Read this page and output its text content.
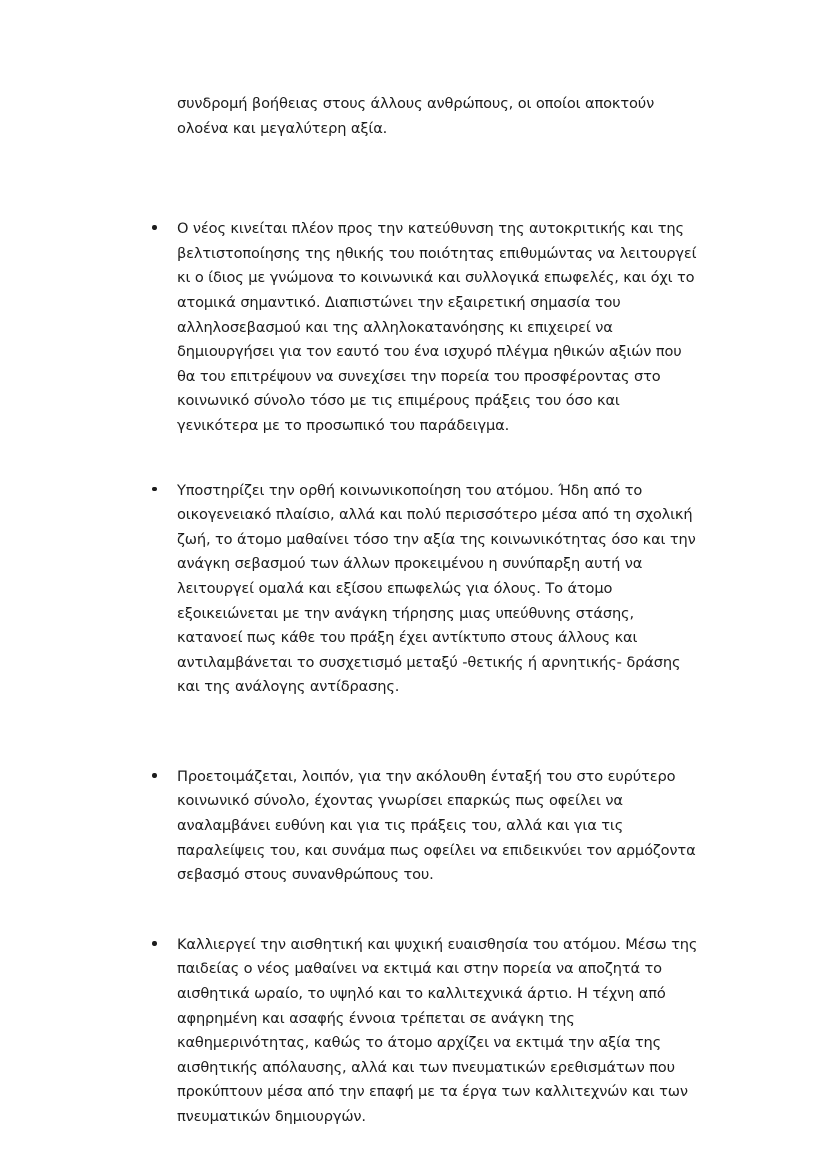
συνδρομή βοήθειας στους άλλους ανθρώπους, οι οποίοι αποκτούν ολοένα και μεγαλύτερη αξία.

Ο νέος κινείται πλέον προς την κατεύθυνση της αυτοκριτικής και της βελτιστοποίησης της ηθικής του ποιότητας επιθυμώντας να λειτουργεί κι ο ίδιος με γνώμονα το κοινωνικά και συλλογικά επωφελές, και όχι το ατομικά σημαντικό. Διαπιστώνει την εξαιρετική σημασία του αλληλοσεβασμού και της αλληλοκατανόησης κι επιχειρεί να δημιουργήσει για τον εαυτό του ένα ισχυρό πλέγμα ηθικών αξιών που θα του επιτρέψουν να συνεχίσει την πορεία του προσφέροντας στο κοινωνικό σύνολο τόσο με τις επιμέρους πράξεις του όσο και γενικότερα με το προσωπικό του παράδειγμα.
Υποστηρίζει την ορθή κοινωνικοποίηση του ατόμου. Ήδη από το οικογενειακό πλαίσιο, αλλά και πολύ περισσότερο μέσα από τη σχολική ζωή, το άτομο μαθαίνει τόσο την αξία της κοινωνικότητας όσο και την ανάγκη σεβασμού των άλλων προκειμένου η συνύπαρξη αυτή να λειτουργεί ομαλά και εξίσου επωφελώς για όλους. Το άτομο εξοικειώνεται με την ανάγκη τήρησης μιας υπεύθυνης στάσης, κατανοεί πως κάθε του πράξη έχει αντίκτυπο στους άλλους και αντιλαμβάνεται το συσχετισμό μεταξύ -θετικής ή αρνητικής- δράσης και της ανάλογης αντίδρασης.
Προετοιμάζεται, λοιπόν, για την ακόλουθη ένταξή του στο ευρύτερο κοινωνικό σύνολο, έχοντας γνωρίσει επαρκώς πως οφείλει να αναλαμβάνει ευθύνη και για τις πράξεις του, αλλά και για τις παραλείψεις του, και συνάμα πως οφείλει να επιδεικνύει τον αρμόζοντα σεβασμό στους συνανθρώπους του.
Καλλιεργεί την αισθητική και ψυχική ευαισθησία του ατόμου. Μέσω της παιδείας ο νέος μαθαίνει να εκτιμά και στην πορεία να αποζητά το αισθητικά ωραίο, το υψηλό και το καλλιτεχνικά άρτιο. Η τέχνη από αφηρημένη και ασαφής έννοια τρέπεται σε ανάγκη της καθημερινότητας, καθώς το άτομο αρχίζει να εκτιμά την αξία της αισθητικής απόλαυσης, αλλά και των πνευματικών ερεθισμάτων που προκύπτουν μέσα από την επαφή με τα έργα των καλλιτεχνών και των πνευματικών δημιουργών.
